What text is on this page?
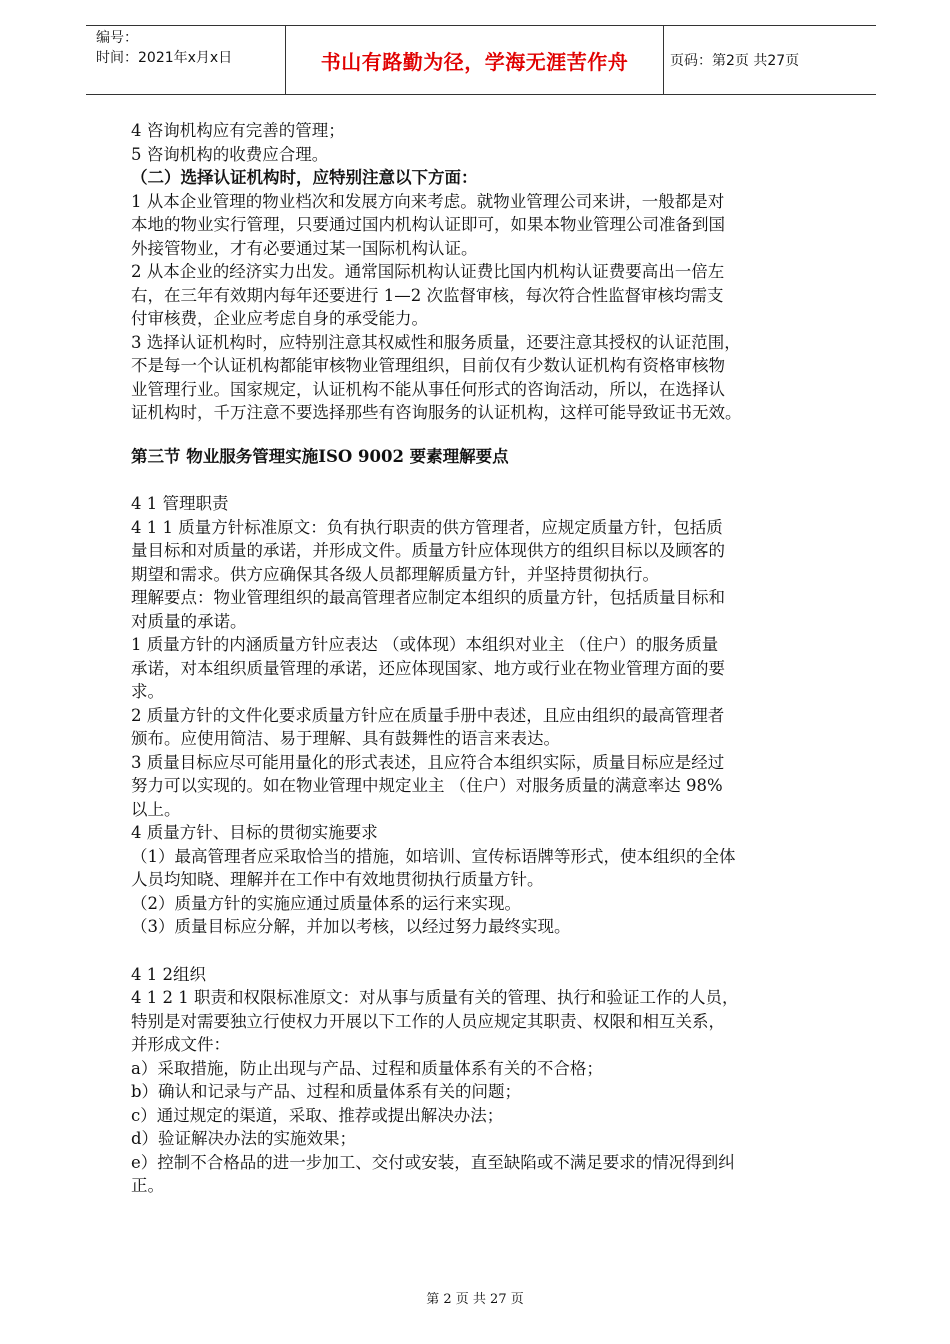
编号：
时间：2021年x月x日	书山有路勤为径，学海无涯苦作舟	页码：第2页 共27页

4 咨询机构应有完善的管理；

5 咨询机构的收费应合理。

（二）选择认证机构时，应特别注意以下方面：

1 从本企业管理的物业档次和发展方向来考虑。就物业管理公司来讲，一般都是对

本地的物业实行管理，只要通过国内机构认证即可，如果本物业管理公司准备到国

外接管物业，才有必要通过某一国际机构认证。

2 从本企业的经济实力出发。通常国际机构认证费比国内机构认证费要高出一倍左

右，在三年有效期内每年还要进行 1—2 次监督审核，每次符合性监督审核均需支

付审核费，企业应考虑自身的承受能力。

3 选择认证机构时，应特别注意其权威性和服务质量，还要注意其授权的认证范围，

不是每一个认证机构都能审核物业管理组织，目前仅有少数认证机构有资格审核物

业管理行业。国家规定，认证机构不能从事任何形式的咨询活动，所以，在选择认

证机构时，千万注意不要选择那些有咨询服务的认证机构，这样可能导致证书无效。

第三节 物业服务管理实施ISO 9002 要素理解要点

4 1 管理职责

4 1 1 质量方针标准原文：负有执行职责的供方管理者，应规定质量方针，包括质

量目标和对质量的承诺，并形成文件。质量方针应体现供方的组织目标以及顾客的

期望和需求。供方应确保其各级人员都理解质量方针，并坚持贯彻执行。

理解要点：物业管理组织的最高管理者应制定本组织的质量方针，包括质量目标和

对质量的承诺。

1 质量方针的内涵质量方针应表达 （或体现）本组织对业主 （住户）的服务质量

承诺，对本组织质量管理的承诺，还应体现国家、地方或行业在物业管理方面的要

求。

2 质量方针的文件化要求质量方针应在质量手册中表述，且应由组织的最高管理者

颁布。应使用简洁、易于理解、具有鼓舞性的语言来表达。

3 质量目标应尽可能用量化的形式表述，且应符合本组织实际，质量目标应是经过

努力可以实现的。如在物业管理中规定业主 （住户）对服务质量的满意率达 98%

以上。

4 质量方针、目标的贯彻实施要求

（1）最高管理者应采取恰当的措施，如培训、宣传标语牌等形式，使本组织的全体

人员均知晓、理解并在工作中有效地贯彻执行质量方针。

（2）质量方针的实施应通过质量体系的运行来实现。

（3）质量目标应分解，并加以考核，以经过努力最终实现。

4 1 2组织

4 1 2 1 职责和权限标准原文：对从事与质量有关的管理、执行和验证工作的人员，

特别是对需要独立行使权力开展以下工作的人员应规定其职责、权限和相互关系，

并形成文件：

a）采取措施，防止出现与产品、过程和质量体系有关的不合格；

b）确认和记录与产品、过程和质量体系有关的问题；

c）通过规定的渠道，采取、推荐或提出解决办法；

d）验证解决办法的实施效果；

e）控制不合格品的进一步加工、交付或安装，直至缺陷或不满足要求的情况得到纠

正。

第 2 页 共 27 页
